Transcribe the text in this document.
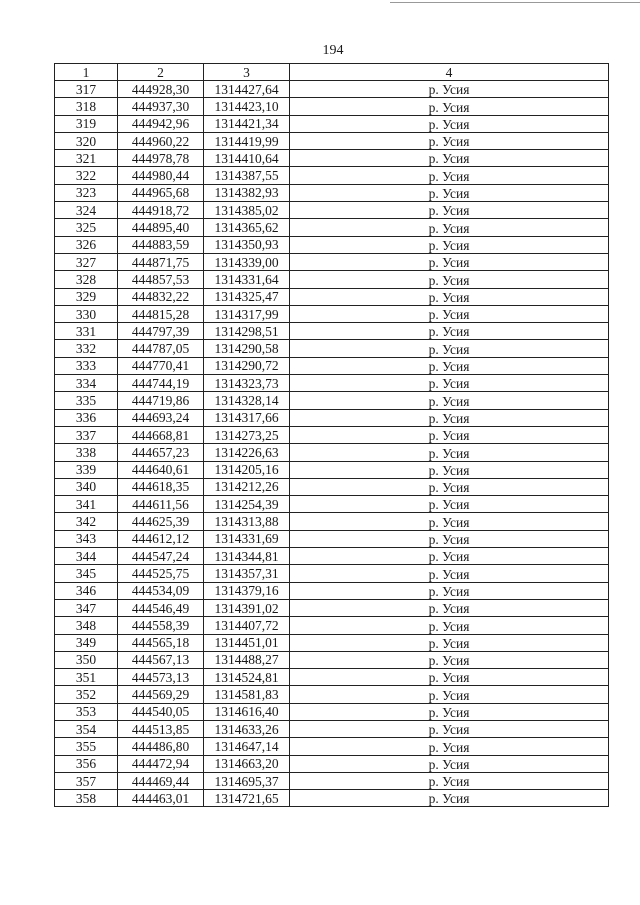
194
1	2	3	4
317	444928,30	1314427,64	р. Усия
318	444937,30	1314423,10	р. Усия
319	444942,96	1314421,34	р. Усия
320	444960,22	1314419,99	р. Усия
321	444978,78	1314410,64	р. Усия
322	444980,44	1314387,55	р. Усия
323	444965,68	1314382,93	р. Усия
324	444918,72	1314385,02	р. Усия
325	444895,40	1314365,62	р. Усия
326	444883,59	1314350,93	р. Усия
327	444871,75	1314339,00	р. Усия
328	444857,53	1314331,64	р. Усия
329	444832,22	1314325,47	р. Усия
330	444815,28	1314317,99	р. Усия
331	444797,39	1314298,51	р. Усия
332	444787,05	1314290,58	р. Усия
333	444770,41	1314290,72	р. Усия
334	444744,19	1314323,73	р. Усия
335	444719,86	1314328,14	р. Усия
336	444693,24	1314317,66	р. Усия
337	444668,81	1314273,25	р. Усия
338	444657,23	1314226,63	р. Усия
339	444640,61	1314205,16	р. Усия
340	444618,35	1314212,26	р. Усия
341	444611,56	1314254,39	р. Усия
342	444625,39	1314313,88	р. Усия
343	444612,12	1314331,69	р. Усия
344	444547,24	1314344,81	р. Усия
345	444525,75	1314357,31	р. Усия
346	444534,09	1314379,16	р. Усия
347	444546,49	1314391,02	р. Усия
348	444558,39	1314407,72	р. Усия
349	444565,18	1314451,01	р. Усия
350	444567,13	1314488,27	р. Усия
351	444573,13	1314524,81	р. Усия
352	444569,29	1314581,83	р. Усия
353	444540,05	1314616,40	р. Усия
354	444513,85	1314633,26	р. Усия
355	444486,80	1314647,14	р. Усия
356	444472,94	1314663,20	р. Усия
357	444469,44	1314695,37	р. Усия
358	444463,01	1314721,65	р. Усия
